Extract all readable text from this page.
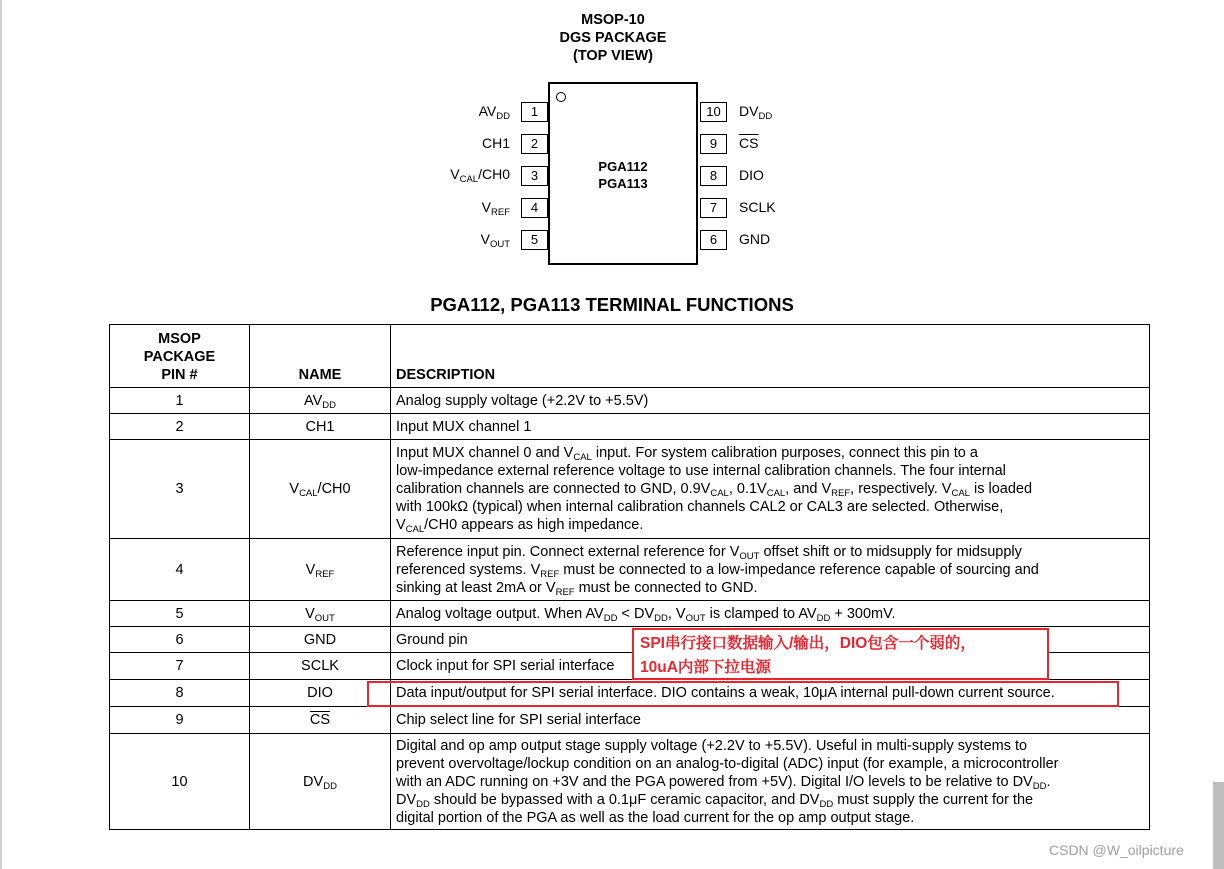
MSOP-10
DGS PACKAGE
(TOP VIEW)
PGA112
PGA113
1
2
3
4
5
$AV_{DD}$
CH1
$V_{CAL}/CH0$
$V_{REF}$
$V_{OUT}$
10
9
8
7
6
$DV_{DD}$
$\overline{CS}$
DIO
SCLK
GND
PGA112, PGA113 TERMINAL FUNCTIONS
MSOP
PACKAGE
PIN #	NAME	DESCRIPTION
1	$AV_{DD}$	Analog supply voltage (+2.2V to +5.5V)
2	CH1	Input MUX channel 1
3	$V_{CAL}/CH0$	Input MUX channel 0 and $V_{CAL}$ input. For system calibration purposes, connect this pin to a
low-impedance external reference voltage to use internal calibration channels. The four internal
calibration channels are connected to GND, $0.9V_{CAL}$, $0.1V_{CAL}$, and $V_{REF}$, respectively. $V_{CAL}$ is loaded
with 100kΩ (typical) when internal calibration channels CAL2 or CAL3 are selected. Otherwise,
$V_{CAL}/CH0$ appears as high impedance.

4	$V_{REF}$	Reference input pin. Connect external reference for $V_{OUT}$ offset shift or to midsupply for midsupply
referenced systems. $V_{REF}$ must be connected to a low-impedance reference capable of sourcing and
sinking at least 2mA or $V_{REF}$ must be connected to GND.

5	$V_{OUT}$	Analog voltage output. When $AV_{DD} < DV_{DD}$, $V_{OUT}$ is clamped to $AV_{DD} + 300mV$.
6	GND	Ground pin
7	SCLK	Clock input for SPI serial interface
8	DIO	Data input/output for SPI serial interface. DIO contains a weak, 10μA internal pull-down current source.
9	$\overline{CS}$	Chip select line for SPI serial interface
10	$DV_{DD}$	Digital and op amp output stage supply voltage (+2.2V to +5.5V). Useful in multi-supply systems to
prevent overvoltage/lockup condition on an analog-to-digital (ADC) input (for example, a microcontroller
with an ADC running on +3V and the PGA powered from +5V). Digital I/O levels to be relative to $DV_{DD}$.
$DV_{DD}$ should be bypassed with a 0.1μF ceramic capacitor, and $DV_{DD}$ must supply the current for the
digital portion of the PGA as well as the load current for the op amp output stage.
SPI串行接口数据输入/输出，DIO包含一个弱的，
10uA内部下拉电源
CSDN @W_oilpicture
